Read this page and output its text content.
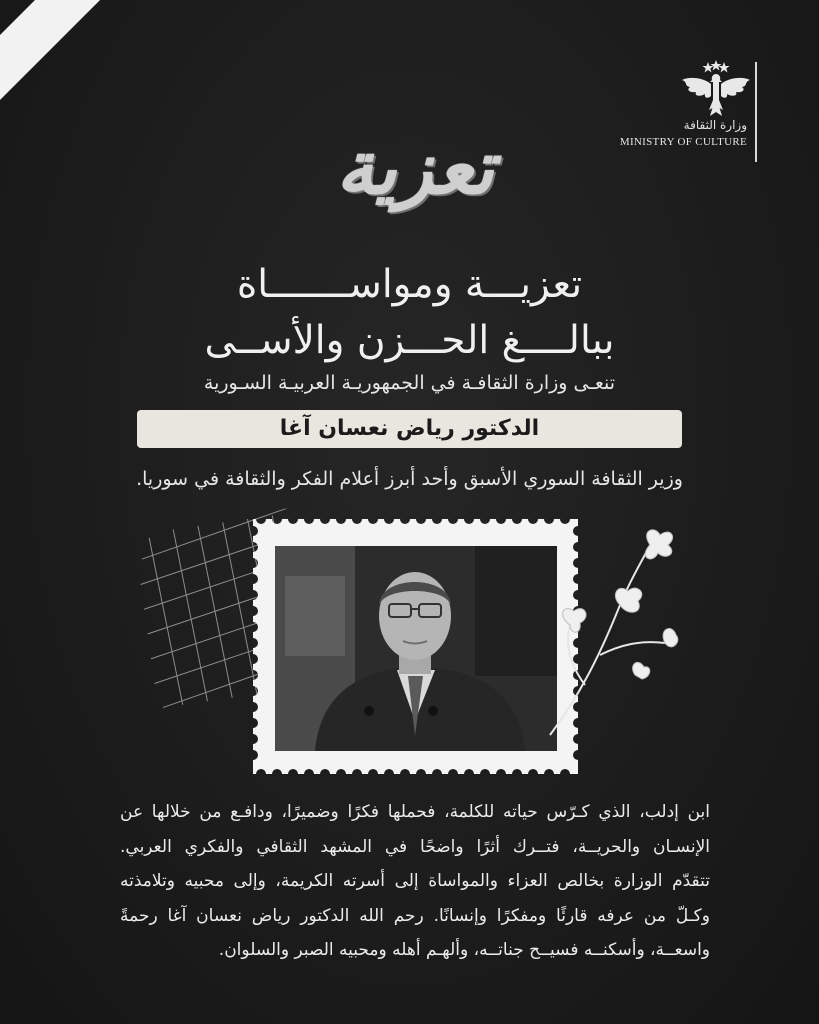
وزارة الثقافة
MINISTRY OF CULTURE
تعزية
تعزيـــة ومواســـــــاة
ببالــــغ الحـــزن والأســى
تنعـى وزارة الثقافـة في الجمهوريـة العربيـة السـورية
الدكتور رياض نعسان آغا
وزير الثقافة السوري الأسبق وأحد أبرز أعلام الفكر والثقافة في سوريا.

ابن إدلب، الذي كـرّس حياته للكلمة، فحملها فكرًا وضميرًا، ودافـع من خلالها عن

الإنسـان والحريــة، فتــرك أثرًا واضحًا في المشهد الثقافي والفكري العربي.

تتقدّم الوزارة بخالص العزاء والمواساة إلى أسرته الكريمة، وإلى محبيه وتلامذته

وكـلّ من عرفه قارئًا ومفكرًا وإنسانًا. رحم الله الدكتور رياض نعسان آغا رحمةً

واسعــة، وأسكنــه فسيــح جناتــه، وألهـم أهله ومحبيه الصبر والسلوان.
